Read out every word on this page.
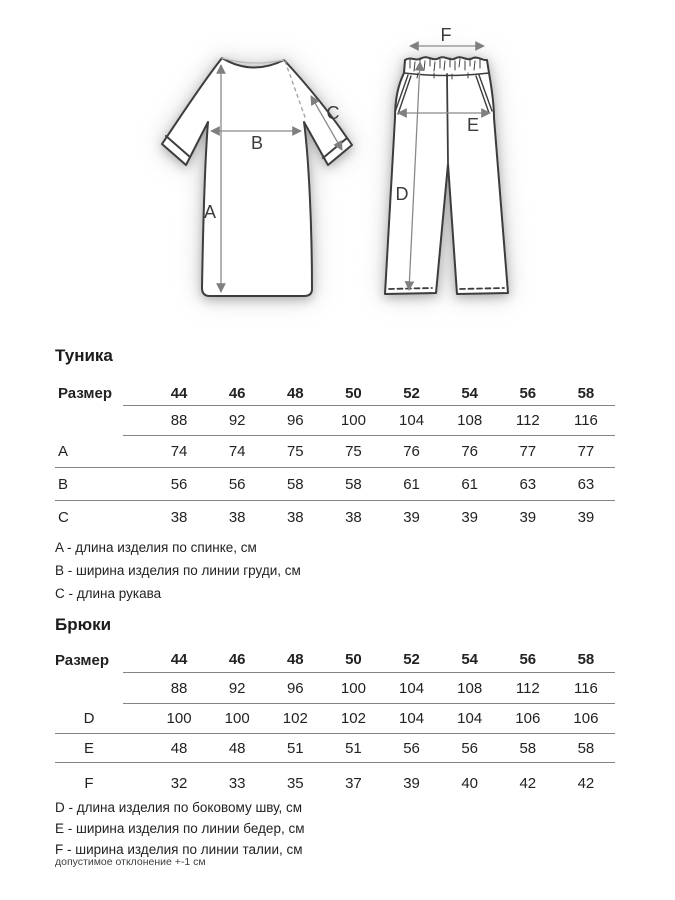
A
B
C
D
E
F
Туника
Размер	44	46	48	50	52	54	56	58
88	92	96	100	104	108	112	116
A	74	74	75	75	76	76	77	77
B	56	56	58	58	61	61	63	63
C	38	38	38	38	39	39	39	39
A - длина изделия по спинке, см
B - ширина изделия по линии груди, см
C - длина рукава
Брюки
Размер	44	46	48	50	52	54	56	58
88	92	96	100	104	108	112	116
D	100	100	102	102	104	104	106	106
E	48	48	51	51	56	56	58	58
F	32	33	35	37	39	40	42	42
D - длина изделия по боковому шву, см
E - ширина изделия по линии бедер, см
F - ширина изделия по линии талии, см
допустимое отклонение +-1 см
